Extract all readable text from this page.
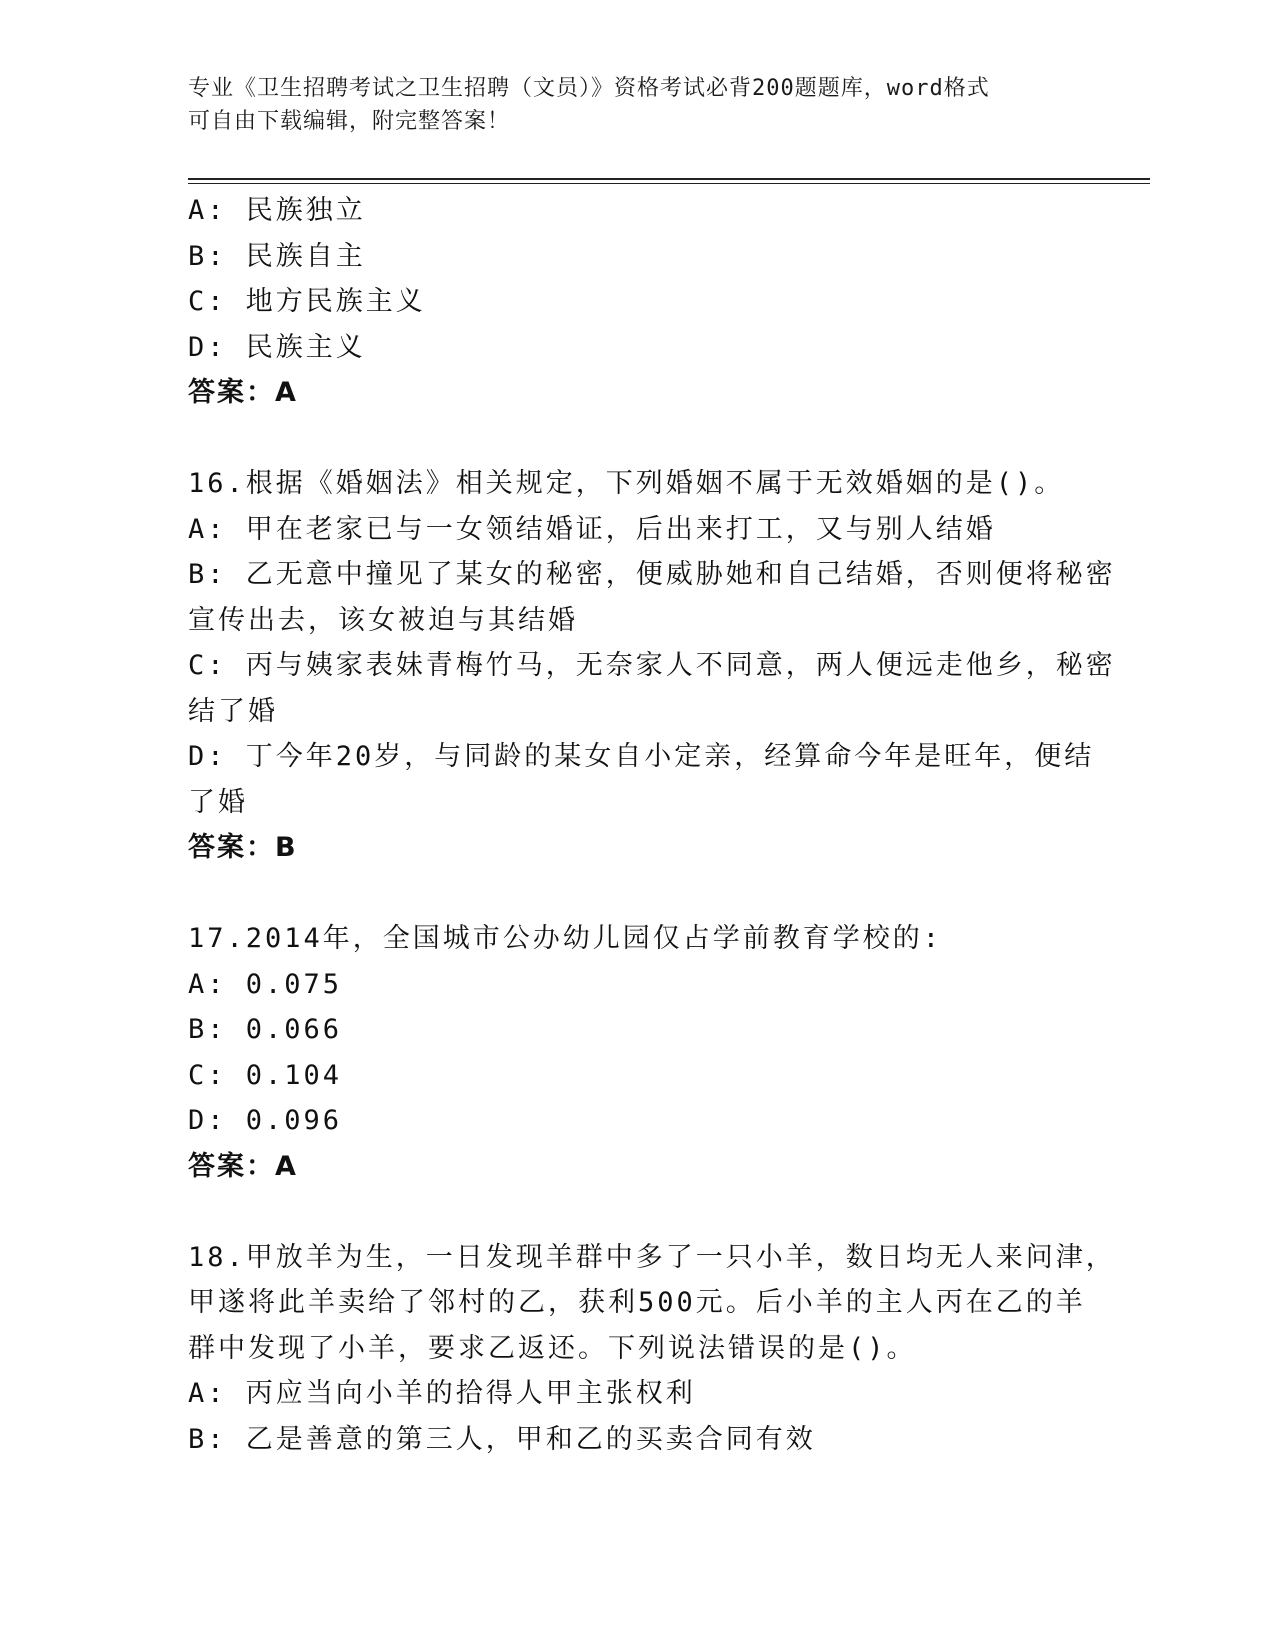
专业《卫生招聘考试之卫生招聘（文员）》资格考试必背200题题库，word格式
可自由下载编辑，附完整答案！
A: 民族独立
B: 民族自主
C: 地方民族主义
D: 民族主义
答案：A
16.根据《婚姻法》相关规定，下列婚姻不属于无效婚姻的是()。
A: 甲在老家已与一女领结婚证，后出来打工，又与别人结婚
B: 乙无意中撞见了某女的秘密，便威胁她和自己结婚，否则便将秘密
宣传出去，该女被迫与其结婚
C: 丙与姨家表妹青梅竹马，无奈家人不同意，两人便远走他乡，秘密
结了婚
D: 丁今年20岁，与同龄的某女自小定亲，经算命今年是旺年，便结
了婚
答案：B
17.2014年，全国城市公办幼儿园仅占学前教育学校的:
A: 0.075
B: 0.066
C: 0.104
D: 0.096
答案：A
18.甲放羊为生，一日发现羊群中多了一只小羊，数日均无人来问津，
甲遂将此羊卖给了邻村的乙，获利500元。后小羊的主人丙在乙的羊
群中发现了小羊，要求乙返还。下列说法错误的是()。
A: 丙应当向小羊的拾得人甲主张权利
B: 乙是善意的第三人，甲和乙的买卖合同有效
